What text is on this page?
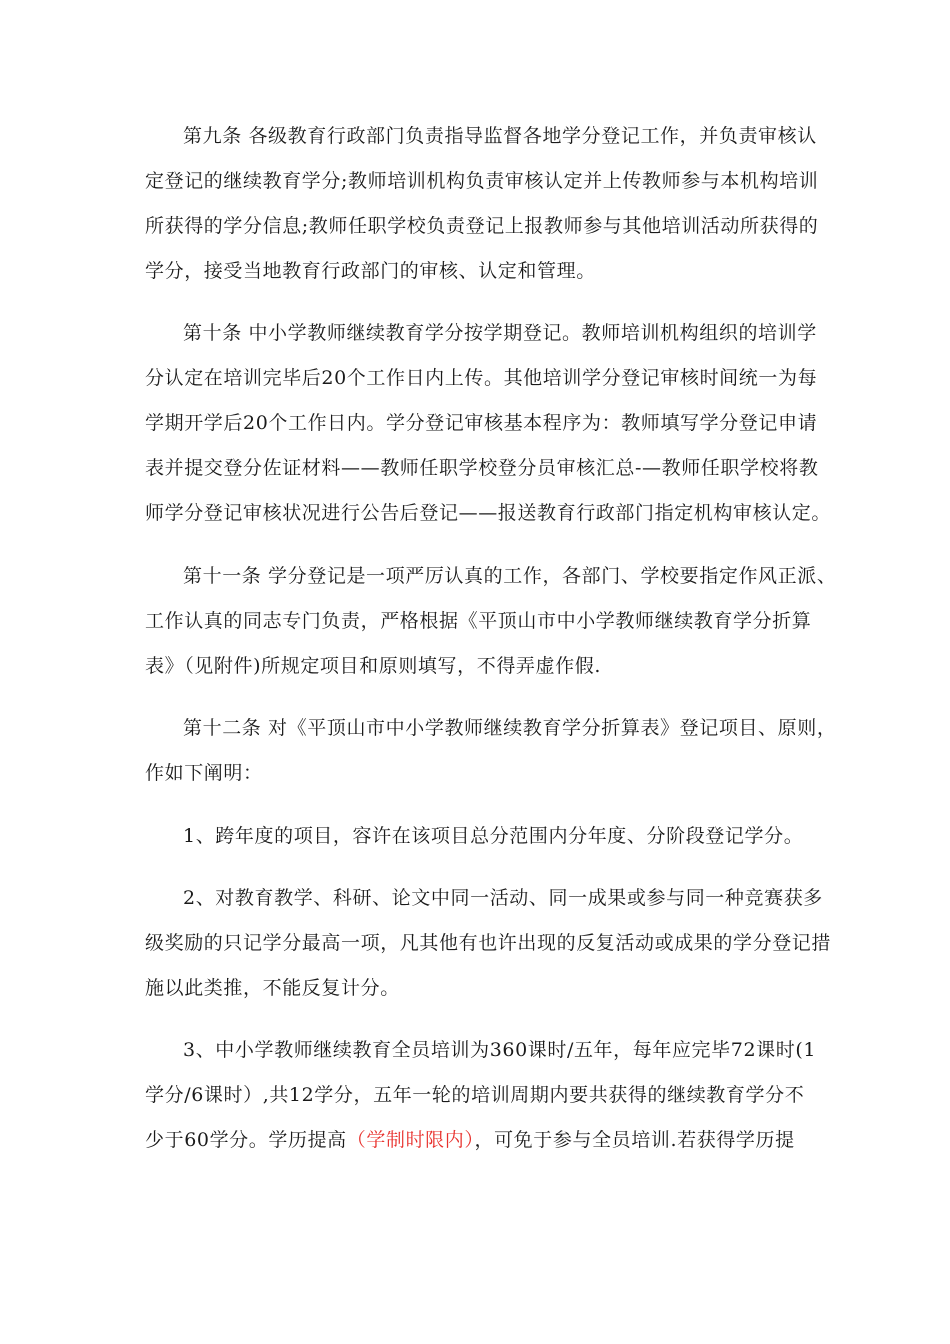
第九条 各级教育行政部门负责指导监督各地学分登记工作，并负责审核认
定登记的继续教育学分;教师培训机构负责审核认定并上传教师参与本机构培训
所获得的学分信息;教师任职学校负责登记上报教师参与其他培训活动所获得的
学分，接受当地教育行政部门的审核、认定和管理。
第十条 中小学教师继续教育学分按学期登记。教师培训机构组织的培训学
分认定在培训完毕后20个工作日内上传。其他培训学分登记审核时间统一为每
学期开学后20个工作日内。学分登记审核基本程序为：教师填写学分登记申请
表并提交登分佐证材料——教师任职学校登分员审核汇总-—教师任职学校将教
师学分登记审核状况进行公告后登记——报送教育行政部门指定机构审核认定。
第十一条 学分登记是一项严厉认真的工作，各部门、学校要指定作风正派、
工作认真的同志专门负责，严格根据《平顶山市中小学教师继续教育学分折算
表》（见附件)所规定项目和原则填写，不得弄虚作假.
第十二条 对《平顶山市中小学教师继续教育学分折算表》登记项目、原则，
作如下阐明：
1、跨年度的项目，容许在该项目总分范围内分年度、分阶段登记学分。
2、对教育教学、科研、论文中同一活动、同一成果或参与同一种竞赛获多
级奖励的只记学分最高一项，凡其他有也许出现的反复活动或成果的学分登记措
施以此类推，不能反复计分。
3、中小学教师继续教育全员培训为360课时/五年，每年应完毕72课时(1
学分/6课时）,共12学分，五年一轮的培训周期内要共获得的继续教育学分不
少于60学分。学历提高（学制时限内），可免于参与全员培训.若获得学历提
